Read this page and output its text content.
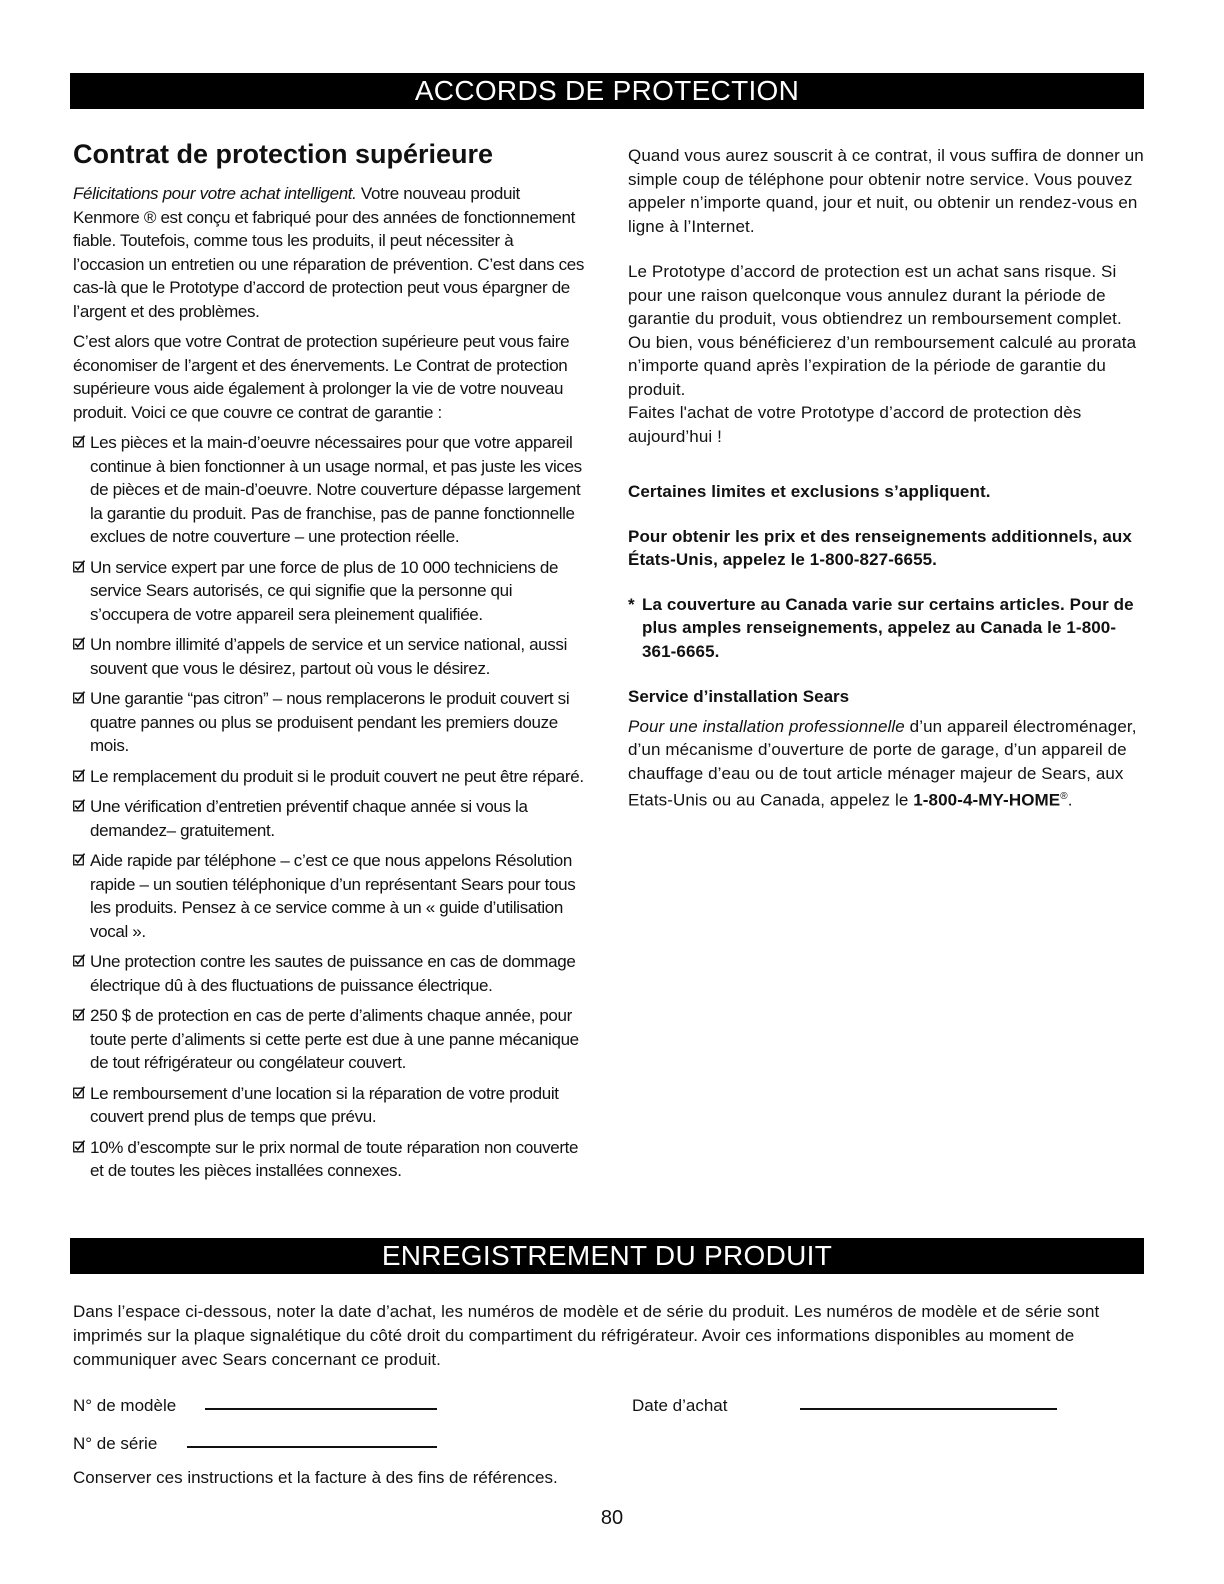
ACCORDS DE PROTECTION
Contrat de protection supérieure

Félicitations pour votre achat intelligent. Votre nouveau produit Kenmore ® est conçu et fabriqué pour des années de fonctionnement fiable. Toutefois, comme tous les produits, il peut nécessiter à l’occasion un entretien ou une réparation de prévention. C’est dans ces cas-là que le Prototype d’accord de protection peut vous épargner de l’argent et des problèmes.

C’est alors que votre Contrat de protection supérieure peut vous faire économiser de l’argent et des énervements. Le Contrat de protection supérieure vous aide également à prolonger la vie de votre nouveau produit. Voici ce que couvre ce contrat de garantie :

Les pièces et la main-d’oeuvre nécessaires pour que votre appareil continue à bien fonctionner à un usage normal, et pas juste les vices de pièces et de main-d’oeuvre. Notre couverture dépasse largement la garantie du produit. Pas de franchise, pas de panne fonctionnelle exclues de notre couverture – une protection réelle.
Un service expert par une force de plus de 10 000 techniciens de service Sears autorisés, ce qui signifie que la personne qui s’occupera de votre appareil sera pleinement qualifiée.
Un nombre illimité d’appels de service et un service national, aussi souvent que vous le désirez, partout où vous le désirez.
Une garantie “pas citron” – nous remplacerons le produit couvert si quatre pannes ou plus se produisent pendant les premiers douze mois.
Le remplacement du produit si le produit couvert ne peut être réparé.
Une vérification d’entretien préventif chaque année si vous la demandez– gratuitement.
Aide rapide par téléphone – c’est ce que nous appelons Résolution rapide – un soutien téléphonique d’un représentant Sears pour tous les produits. Pensez à ce service comme à un « guide d’utilisation vocal ».
Une protection contre les sautes de puissance en cas de dommage électrique dû à des fluctuations de puissance électrique.
250 $ de protection en cas de perte d’aliments chaque année, pour toute perte d’aliments si cette perte est due à une panne mécanique de tout réfrigérateur ou congélateur couvert.
Le remboursement d’une location si la réparation de votre produit couvert prend plus de temps que prévu.
10% d’escompte sur le prix normal de toute réparation non couverte et de toutes les pièces installées connexes.

Quand vous aurez souscrit à ce contrat, il vous suffira de donner un simple coup de téléphone pour obtenir notre service. Vous pouvez appeler n’importe quand, jour et nuit, ou obtenir un rendez-vous en ligne à l’Internet.

Le Prototype d’accord de protection est un achat sans risque. Si pour une raison quelconque vous annulez durant la période de garantie du produit, vous obtiendrez un remboursement complet. Ou bien, vous bénéficierez d’un remboursement calculé au prorata n’importe quand après l’expiration de la période de garantie du produit.

Faites l'achat de votre Prototype d’accord de protection dès aujourd’hui !

Certaines limites et exclusions s’appliquent.

Pour obtenir les prix et des renseignements additionnels, aux États-Unis, appelez le 1-800-827-6655.

* La couverture au Canada varie sur certains articles. Pour de plus amples renseignements, appelez au Canada le 1-800-361-6665.

Service d’installation Sears

Pour une installation professionnelle d’un appareil électroménager, d’un mécanisme d’ouverture de porte de garage, d’un appareil de chauffage d’eau ou de tout article ménager majeur de Sears, aux Etats-Unis ou au Canada, appelez le 1-800-4-MY-HOME®.

ENREGISTREMENT DU PRODUIT

Dans l’espace ci-dessous, noter la date d’achat, les numéros de modèle et de série du produit. Les numéros de modèle et de série sont imprimés sur la plaque signalétique du côté droit du compartiment du réfrigérateur. Avoir ces informations disponibles au moment de communiquer avec Sears concernant ce produit.

N° de modèle	Date d’achat
N° de série

Conserver ces instructions et la facture à des fins de références.

80
